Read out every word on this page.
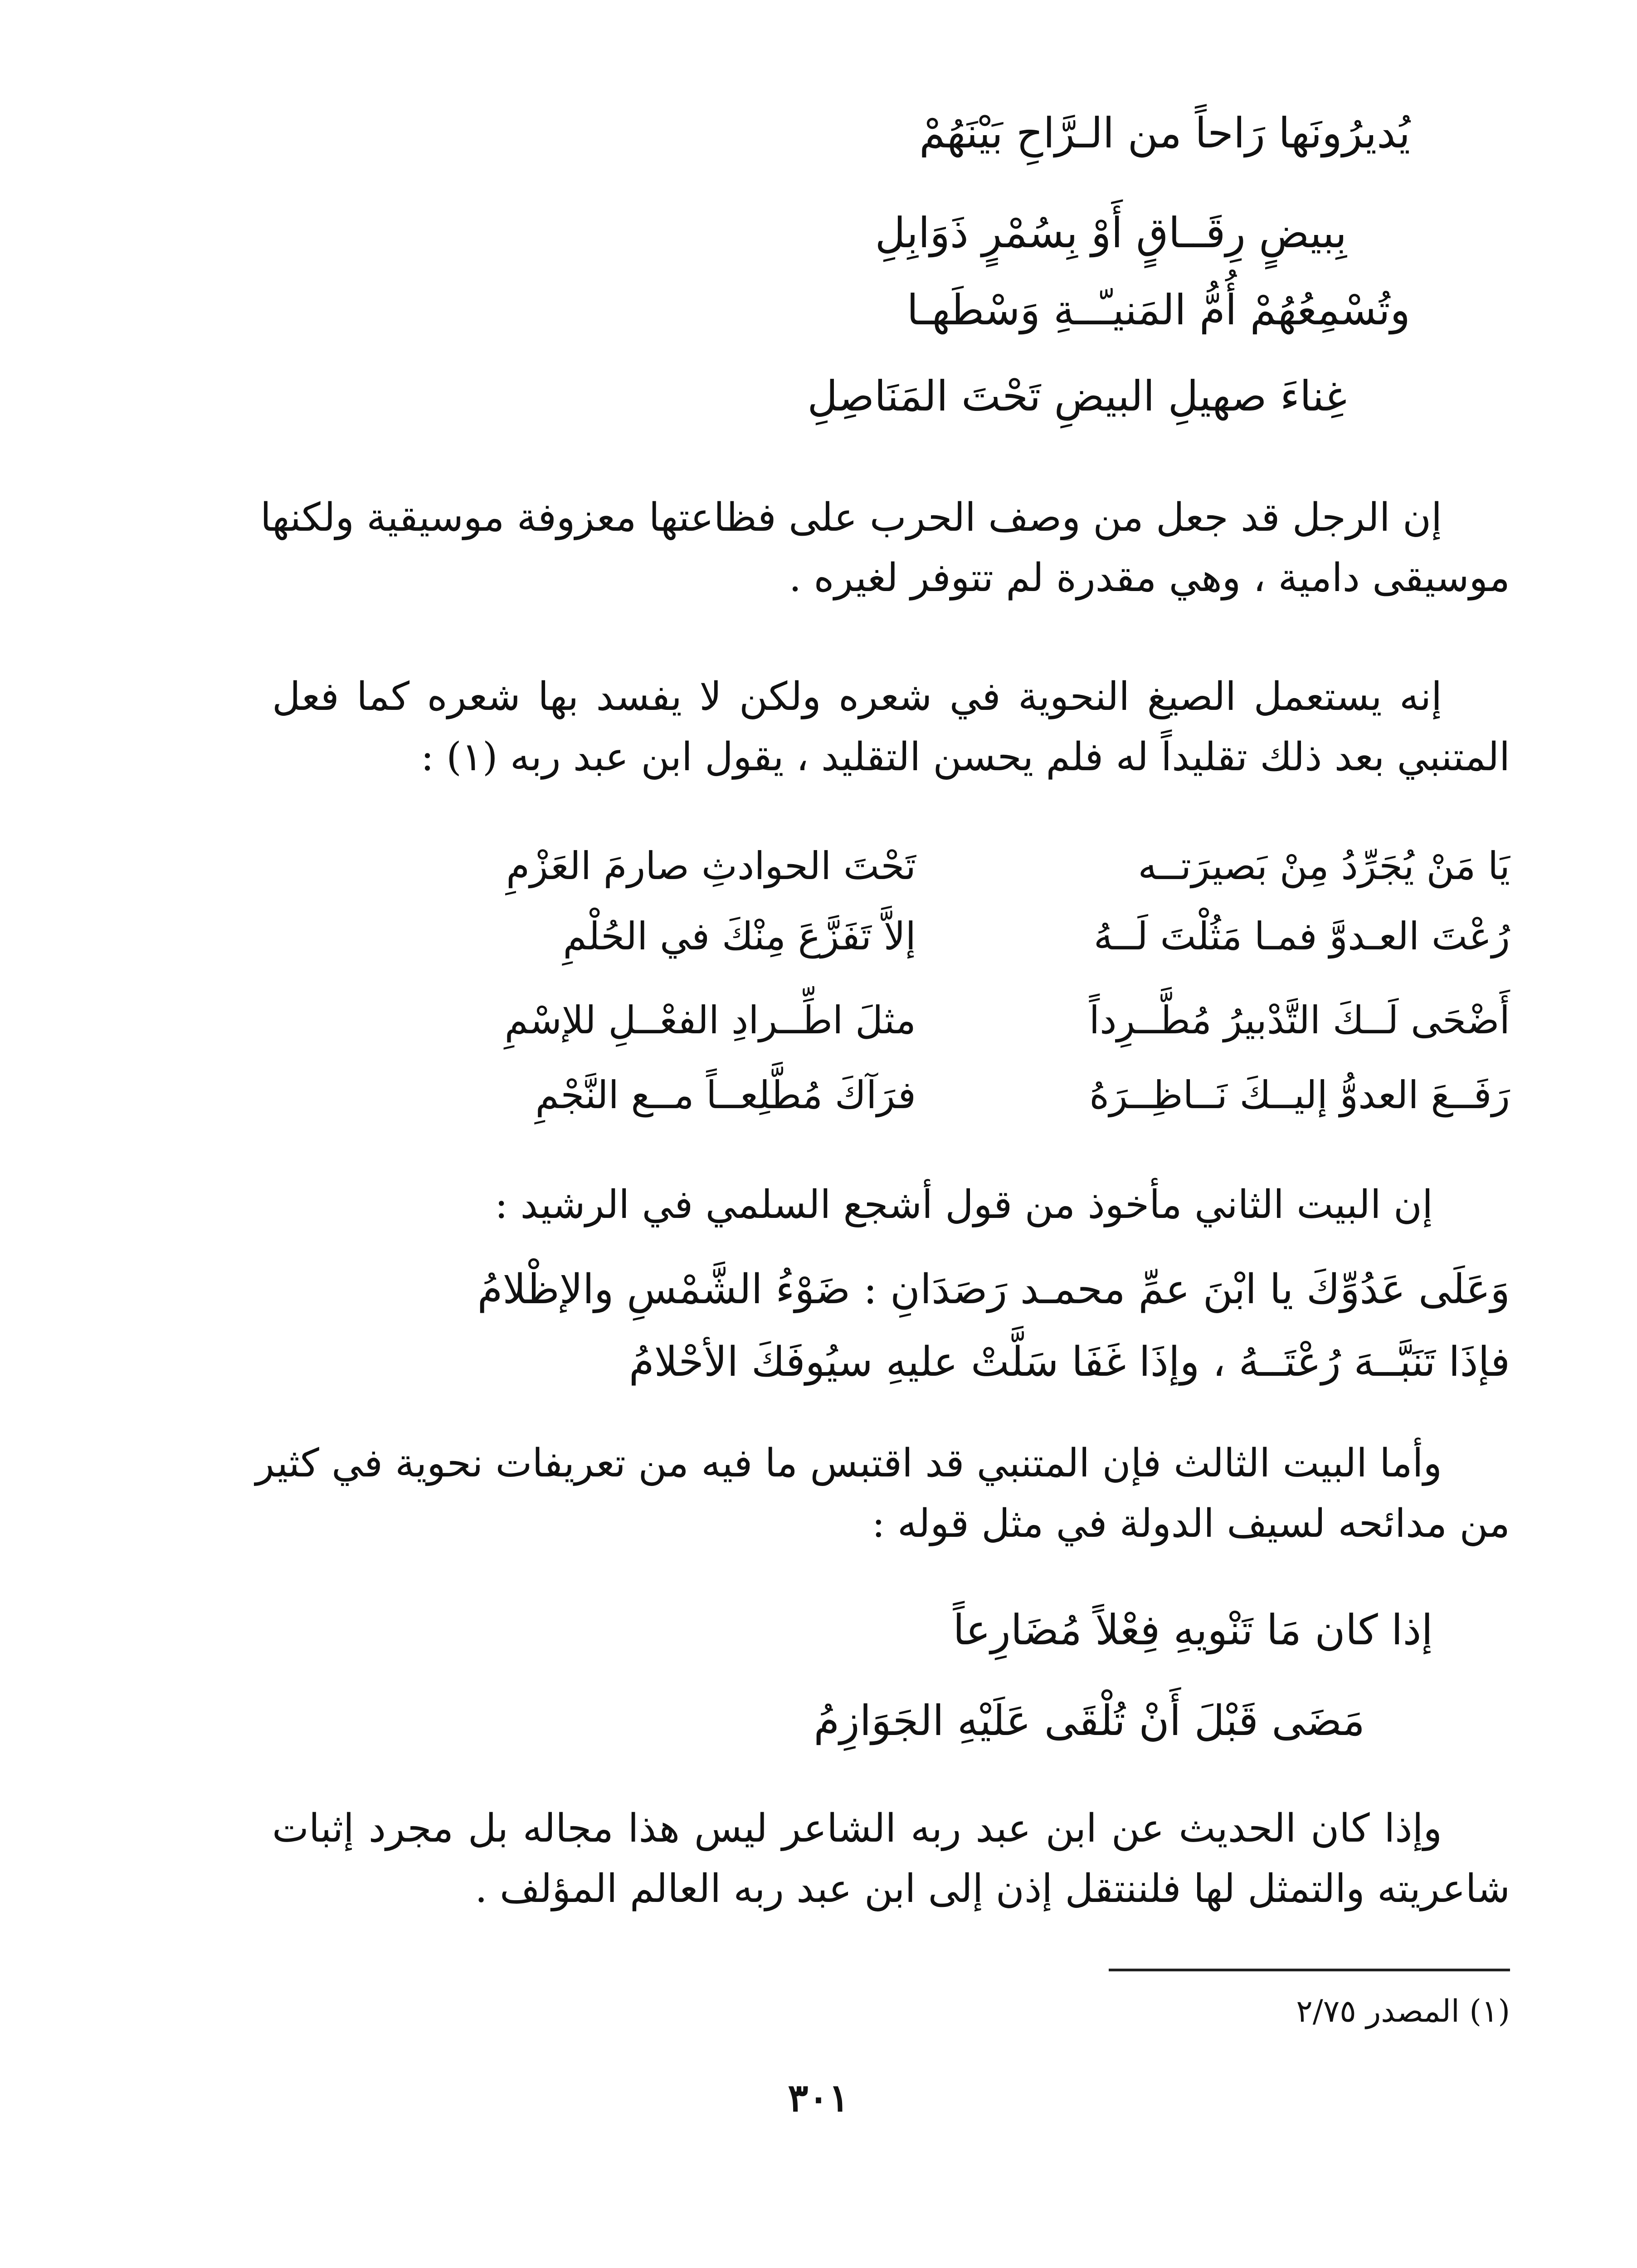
يُديرُونَها رَاحاً من الـرَّاحِ بَيْنَهُمْ
بِبيضٍ رِقَــاقٍ أَوْ بِسُمْرٍ ذَوَابِلِ
وتُسْمِعُهُمْ أُمُّ المَنيـّــةِ وَسْطَهـا
غِناءَ صهيلِ البيضِ تَحْتَ المَنَاصِلِ

إن الرجل قد جعل من وصف الحرب على فظاعتها معزوفة موسيقية ولكنها

موسيقى دامية ، وهي مقدرة لم تتوفر لغيره .

إنه يستعمل الصيغ النحوية في شعره ولكن لا يفسد بها شعره كما فعل

المتنبي بعد ذلك تقليداً له فلم يحسن التقليد ، يقول ابن عبد ربه (١) :

يَا مَنْ يُجَرِّدُ مِنْ بَصيرَتــه
تَحْتَ الحوادثِ صارمَ العَزْمِ
رُعْتَ العـدوَّ فمـا مَثُلْتَ لَــهُ
إلاَّ تَفَزَّعَ مِنْكَ في الحُلْمِ
أَضْحَى لَــكَ التَّدْبيرُ مُطَّــرِداً
مثلَ اطِّــرادِ الفعْــلِ للإسْمِ
رَفَــعَ العدوُّ إليــكَ نَــاظِــرَهُ
فرَآكَ مُطَّلِعــاً مــع النَّجْمِ

إن البيت الثاني مأخوذ من قول أشجع السلمي في الرشيد :

وَعَلَى عَدُوِّكَ يا ابْنَ عمِّ محمـد رَصَدَانِ : ضَوْءُ الشَّمْسِ والإظْلامُ
فإذَا تَنَبَّــهَ رُعْتَــهُ ، وإذَا غَفَا سَلَّتْ عليهِ سيُوفَكَ الأحْلامُ

وأما البيت الثالث فإن المتنبي قد اقتبس ما فيه من تعريفات نحوية في كثير

من مدائحه لسيف الدولة في مثل قوله :

إذا كان مَا تَنْويهِ فِعْلاً مُضَارِعاً
مَضَى قَبْلَ أَنْ تُلْقَى عَلَيْهِ الجَوَازِمُ

وإذا كان الحديث عن ابن عبد ربه الشاعر ليس هذا مجاله بل مجرد إثبات

شاعريته والتمثل لها فلننتقل إذن إلى ابن عبد ربه العالم المؤلف .

(١) المصدر ٢/٧٥
٣٠١
